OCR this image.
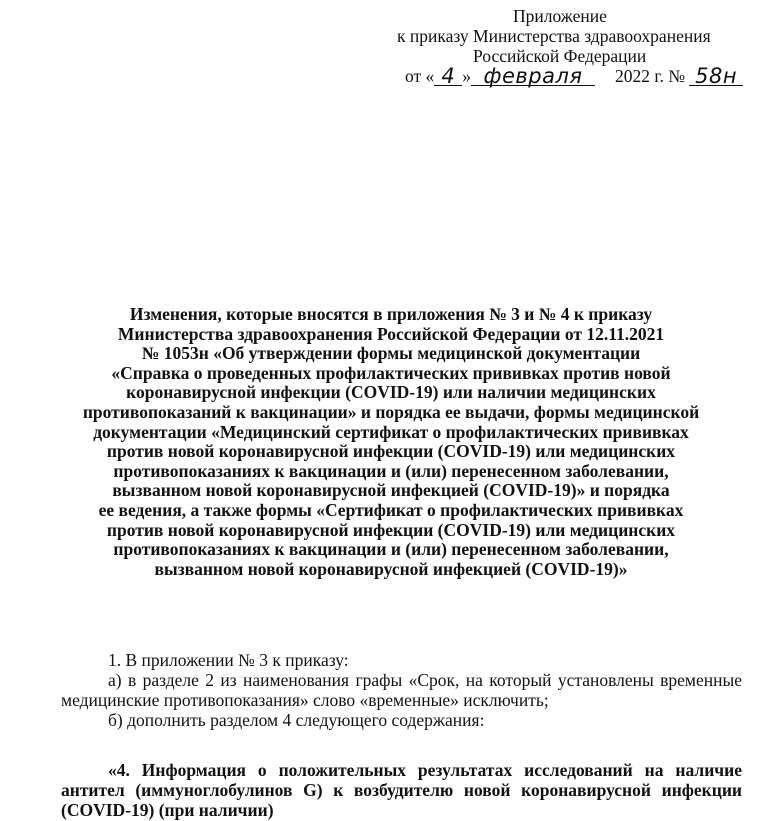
Приложение
к приказу Министерства здравоохранения
Российской Федерации
от « 4 » февраля	2022 г. № 58н
Изменения, которые вносятся в приложения № 3 и № 4 к приказу
Министерства здравоохранения Российской Федерации от 12.11.2021
№ 1053н «Об утверждении формы медицинской документации
«Справка о проведенных профилактических прививках против новой
коронавирусной инфекции (COVID-19) или наличии медицинских
противопоказаний к вакцинации» и порядка ее выдачи, формы медицинской
документации «Медицинский сертификат о профилактических прививках
против новой коронавирусной инфекции (COVID-19) или медицинских
противопоказаниях к вакцинации и (или) перенесенном заболевании,
вызванном новой коронавирусной инфекцией (COVID-19)» и порядка
ее ведения, а также формы «Сертификат о профилактических прививках
против новой коронавирусной инфекции (COVID-19) или медицинских
противопоказаниях к вакцинации и (или) перенесенном заболевании,
вызванном новой коронавирусной инфекцией (COVID-19)»
1. В приложении № 3 к приказу:
а) в разделе 2 из наименования графы «Срок, на который установлены временные медицинские противопоказания» слово «временные» исключить;
б) дополнить разделом 4 следующего содержания:
«4. Информация о положительных результатах исследований на наличие антител (иммуноглобулинов G) к возбудителю новой коронавирусной инфекции (COVID-19) (при наличии)
